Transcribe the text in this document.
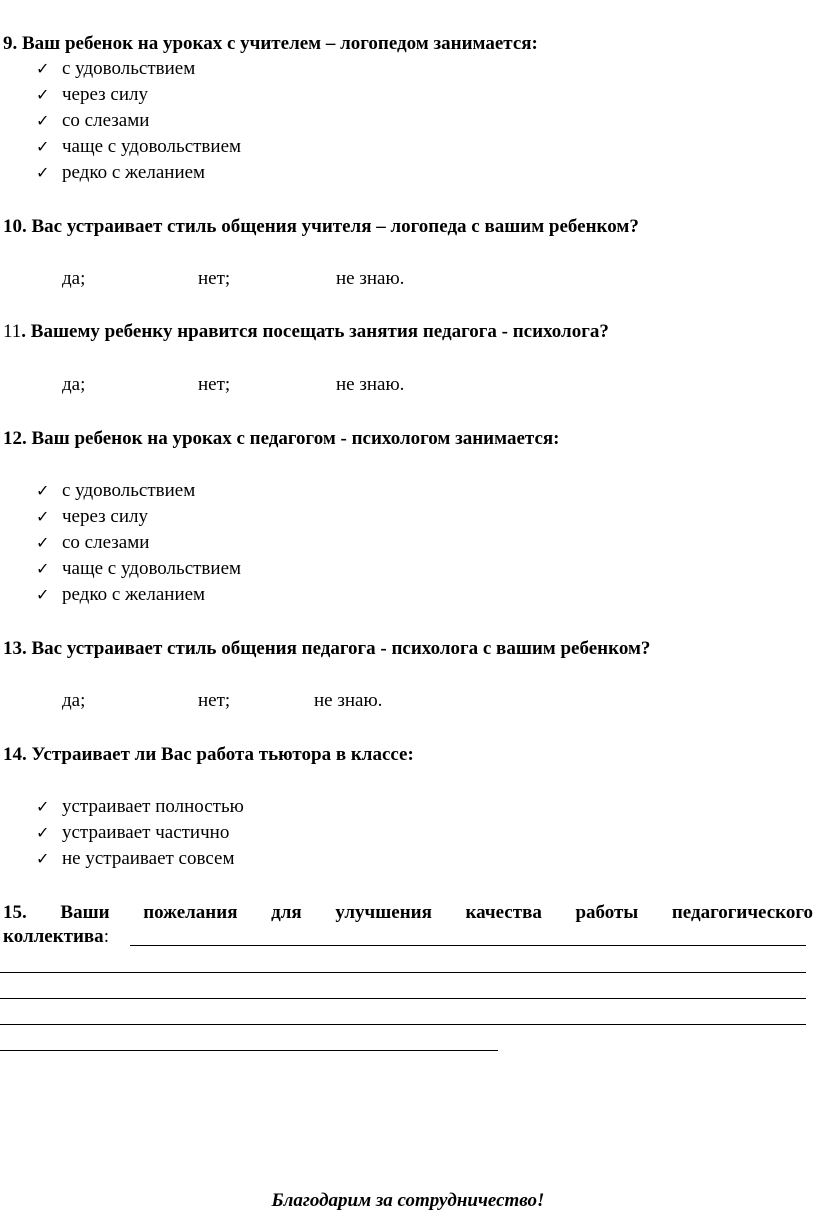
9. Ваш ребенок на уроках с учителем – логопедом занимается:
✓ с удовольствием
✓ через силу
✓ со слезами
✓ чаще с удовольствием
✓ редко с желанием
10. Вас устраивает стиль общения учителя – логопеда с вашим ребенком?
да;	нет;	не знаю.
11. Вашему ребенку нравится посещать занятия педагога - психолога?
да;	нет;	не знаю.
12. Ваш ребенок на уроках с педагогом - психологом занимается:
✓ с удовольствием
✓ через силу
✓ со слезами
✓ чаще с удовольствием
✓ редко с желанием
13. Вас устраивает стиль общения педагога - психолога с вашим ребенком?
да;	нет;	не знаю.
14. Устраивает ли Вас работа тьютора в классе:
✓ устраивает полностью
✓ устраивает частично
✓ не устраивает совсем
15. Ваши пожелания для улучшения качества работы педагогического
коллектива:
Благодарим за сотрудничество!
